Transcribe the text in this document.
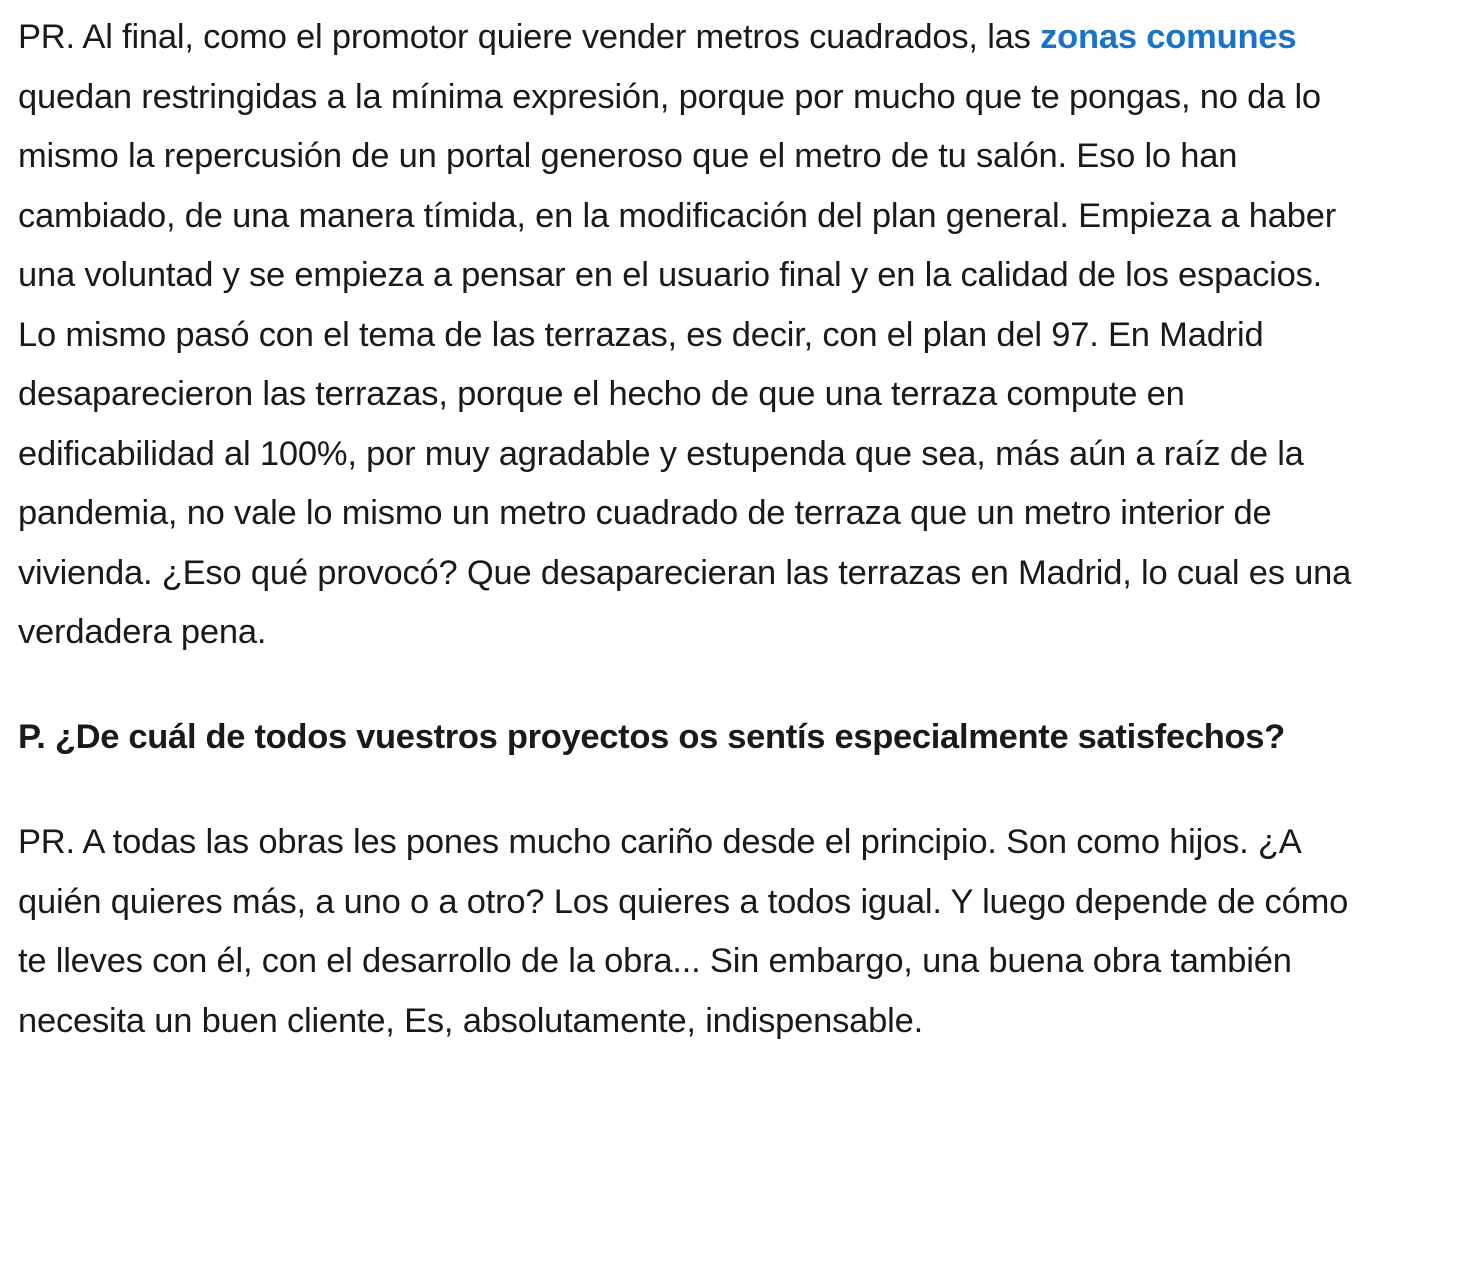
PR. Al final, como el promotor quiere vender metros cuadrados, las zonas comunes quedan restringidas a la mínima expresión, porque por mucho que te pongas, no da lo mismo la repercusión de un portal generoso que el metro de tu salón. Eso lo han cambiado, de una manera tímida, en la modificación del plan general. Empieza a haber una voluntad y se empieza a pensar en el usuario final y en la calidad de los espacios. Lo mismo pasó con el tema de las terrazas, es decir, con el plan del 97. En Madrid desaparecieron las terrazas, porque el hecho de que una terraza compute en edificabilidad al 100%, por muy agradable y estupenda que sea, más aún a raíz de la pandemia, no vale lo mismo un metro cuadrado de terraza que un metro interior de vivienda. ¿Eso qué provocó? Que desaparecieran las terrazas en Madrid, lo cual es una verdadera pena.

P. ¿De cuál de todos vuestros proyectos os sentís especialmente satisfechos?

PR. A todas las obras les pones mucho cariño desde el principio. Son como hijos. ¿A quién quieres más, a uno o a otro? Los quieres a todos igual. Y luego depende de cómo te lleves con él, con el desarrollo de la obra... Sin embargo, una buena obra también necesita un buen cliente, Es, absolutamente, indispensable.
